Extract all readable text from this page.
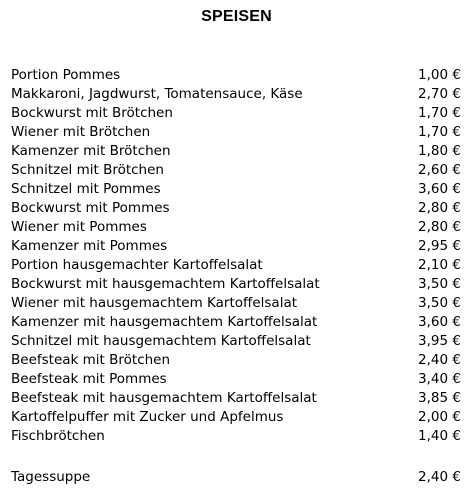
SPEISEN
Portion Pommes	1,00 €
Makkaroni, Jagdwurst, Tomatensauce, Käse	2,70 €
Bockwurst mit Brötchen	1,70 €
Wiener mit Brötchen	1,70 €
Kamenzer mit Brötchen	1,80 €
Schnitzel mit Brötchen	2,60 €
Schnitzel mit Pommes	3,60 €
Bockwurst mit Pommes	2,80 €
Wiener mit Pommes	2,80 €
Kamenzer mit Pommes	2,95 €
Portion hausgemachter Kartoffelsalat	2,10 €
Bockwurst mit hausgemachtem Kartoffelsalat	3,50 €
Wiener mit hausgemachtem Kartoffelsalat	3,50 €
Kamenzer mit hausgemachtem Kartoffelsalat	3,60 €
Schnitzel mit hausgemachtem Kartoffelsalat	3,95 €
Beefsteak mit Brötchen	2,40 €
Beefsteak mit Pommes	3,40 €
Beefsteak mit hausgemachtem Kartoffelsalat	3,85 €
Kartoffelpuffer mit Zucker und Apfelmus	2,00 €
Fischbrötchen	1,40 €
Tagessuppe	2,40 €
